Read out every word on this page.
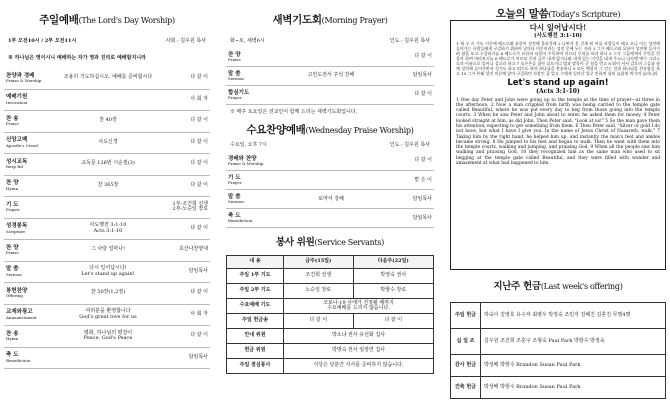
주일예배(The Lord's Day Worship)
1부 오전10시 / 2부 오전11시	사회 : 김우원 목사
※ 하나님은 영이시니 예배하는 자가 영과 진리로 예배할지니라
찬양과 경배
Praise & Worship	조용히 기도하십시오, 예배를 준비합시다	다 같 이
예배기원
Invocation		사 회 자
찬 송
Praise	찬 40장	다 같 이
신앙고백
Apostle's Creed	사도신경	다 같 이
성시교독
Resp Rd	교독문 126번 시순절(3)	다 같 이
찬 양
Hymn	찬 365장	다 같 이
기 도
Prayer		1부-조건희 선생
2부-노승일 장로
성경봉독
Scripture	사도행전 3:1-10
Acts 3:1-10	다 같 이
찬 양
Praise	그 사랑 얼마나!	호산나찬양대
말 씀
Sermon	다시 일어납시다!
Let's stand up again!	담임목사
봉헌찬양
Offering	찬 50장(1,2절)	다 같 이
교제와광고
Announcement	여러분을 환영합니다
God's great love for us	사 회 자
찬 송
Hymn	평화, 하나님의 평강이
Peace, God's Peace	다 같 이
축 도
Benediction		담임목사
새벽기도회(Morning Prayer)
화~토, 새벽6시	인도 : 김우원 목사
찬 양
Praise		다 같 이
말 씀
Sermon	고린도전서 주석 강해	담임목사
합심기도
Prayer		다 같 이
※ 매주 토요일은 전교인이 함께 드리는 새벽기도회입니다.
수요찬양예배(Wednesday Praise Worship)
수요일, 오후 7시	인도 : 김우원 목사
경배와 찬양
Praise & Worship		다 같 이
기 도
Prayer		맡 은 이
말 씀
Sermon	로마서 강해	담임목사
축 도
Benediction		담임목사
봉사 위원(Service Servants)
내 용	금주(15일)	다음주(22일)
주일 1부 기도	조건희 선생	박영숙 권사
주일 2부 기도	노승일 장로	박항수 장로
수요예배 기도	코로나-19 사태가 진정될 때까지
수요예배를 드리지 않습니다.	
주일 헌금송	다 같 이	다 같 이
안내 위원	박소냐 권사 유선화 집사	
헌금 위원	박명숙 권사 임장연 집사	
주일 점심봉사	식당은 당분간 식사를 준비하지 않습니다.	
오늘의 말씀(Today's Scripture)
다시 일어납시다!
(사도행전 3:1-10)
1 제 구 시 기도 시간에 베드로와 요한이 성전에 올라갈새 2 나면서 못 걷게 된 이를 사람들이 메고 오니 이는 성전에 들어가는 사람들에게 구걸하기 위하여 날마다 미문이라는 성전 문에 두는 자라 3 그가 베드로와 요한이 성전에 들어가려 함을 보고 구걸하거늘 4 베드로가 요한과 더불어 주목하여 이르되 우리를 보라 하니 5 그가 그들에게서 무엇을 얻을까 하여 바라보거늘 6 베드로가 이르되 은과 금은 내게 없거니와 내게 있는 이것을 네게 주노니 나사렛 예수 그리스도의 이름으로 일어나 걸으라 하고 7 오른손을 잡아 일으키니 발과 발목이 곧 힘을 얻고 8 뛰어 서서 걸으며 그들과 함께 성전에 들어가면서 걷기도 하고 뛰기도 하며 하나님을 찬송하니 9 모든 백성이 그 걷는 것과 하나님을 찬송함을 보고 10 그가 본래 성전 미문에 앉아 구걸하던 사람인 줄 알고 그에게 일어난 일로 인하여 심히 놀랍게 여기며 놀라니라
Let's stand up again!
(Acts 3:1-10)
1 One day Peter and John were going up to the temple at the time of prayer—at three in the afternoon. 2 Now a man crippled from birth was being carried to the temple gate called Beautiful, where he was put every day to beg from those going into the temple courts. 3 When he saw Peter and John about to enter, he asked them for money. 4 Peter looked straight at him, as did John. Then Peter said, "Look at us!" 5 So the man gave them his attention, expecting to get something from them. 6 Then Peter said, "Silver or gold I do not have, but what I have I give you. In the name of Jesus Christ of Nazareth, walk." 7 Taking him by the right hand, he helped him up, and instantly the man's feet and ankles became strong. 8 He jumped to his feet and began to walk. Then he went with them into the temple courts, walking and jumping, and praising God. 9 When all the people saw him walking and praising God, 10 they recognized him as the same man who used to sit begging at the temple gate called Beautiful, and they were filled with wonder and amazement at what had happened to him.
지난주 헌금(Last week's offering)
주일 헌금	하숙이 김영호 유수자 최병우 박정숙 조민자 김혜진 김혼진 무명4명
십 일 조	김우원 조건희 조훈구 조형숙 Paul Park 박항수 박정숙
감사 헌금	박성배 박항수 Brandon Susan Paul Park
건축 헌금	박성배 박항수 Brandon Susan Paul Park
